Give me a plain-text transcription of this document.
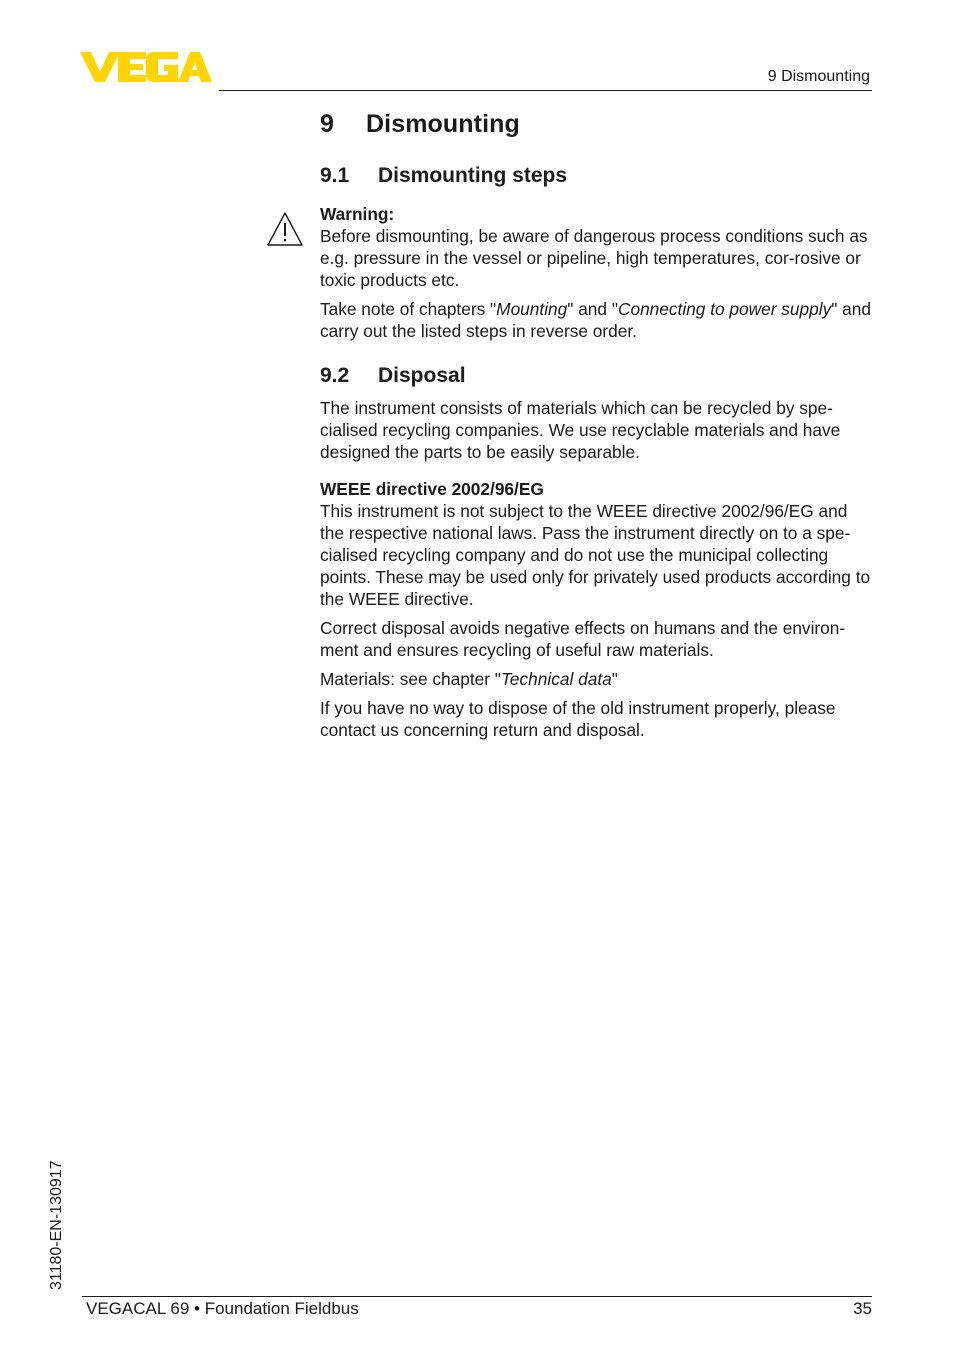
9 Dismounting
9 Dismounting
9.1 Dismounting steps

Warning:
Before dismounting, be aware of dangerous process conditions such as e.g. pressure in the vessel or pipeline, high temperatures, cor-rosive or toxic products etc.

Take note of chapters "Mounting" and "Connecting to power supply" and carry out the listed steps in reverse order.

9.2 Disposal

The instrument consists of materials which can be recycled by spe-cialised recycling companies. We use recyclable materials and have designed the parts to be easily separable.

WEEE directive 2002/96/EG
This instrument is not subject to the WEEE directive 2002/96/EG and the respective national laws. Pass the instrument directly on to a spe-cialised recycling company and do not use the municipal collecting points. These may be used only for privately used products according to the WEEE directive.

Correct disposal avoids negative effects on humans and the environ-ment and ensures recycling of useful raw materials.

Materials: see chapter "Technical data"

If you have no way to dispose of the old instrument properly, please contact us concerning return and disposal.

31180-EN-130917
VEGACAL 69 • Foundation Fieldbus	35
